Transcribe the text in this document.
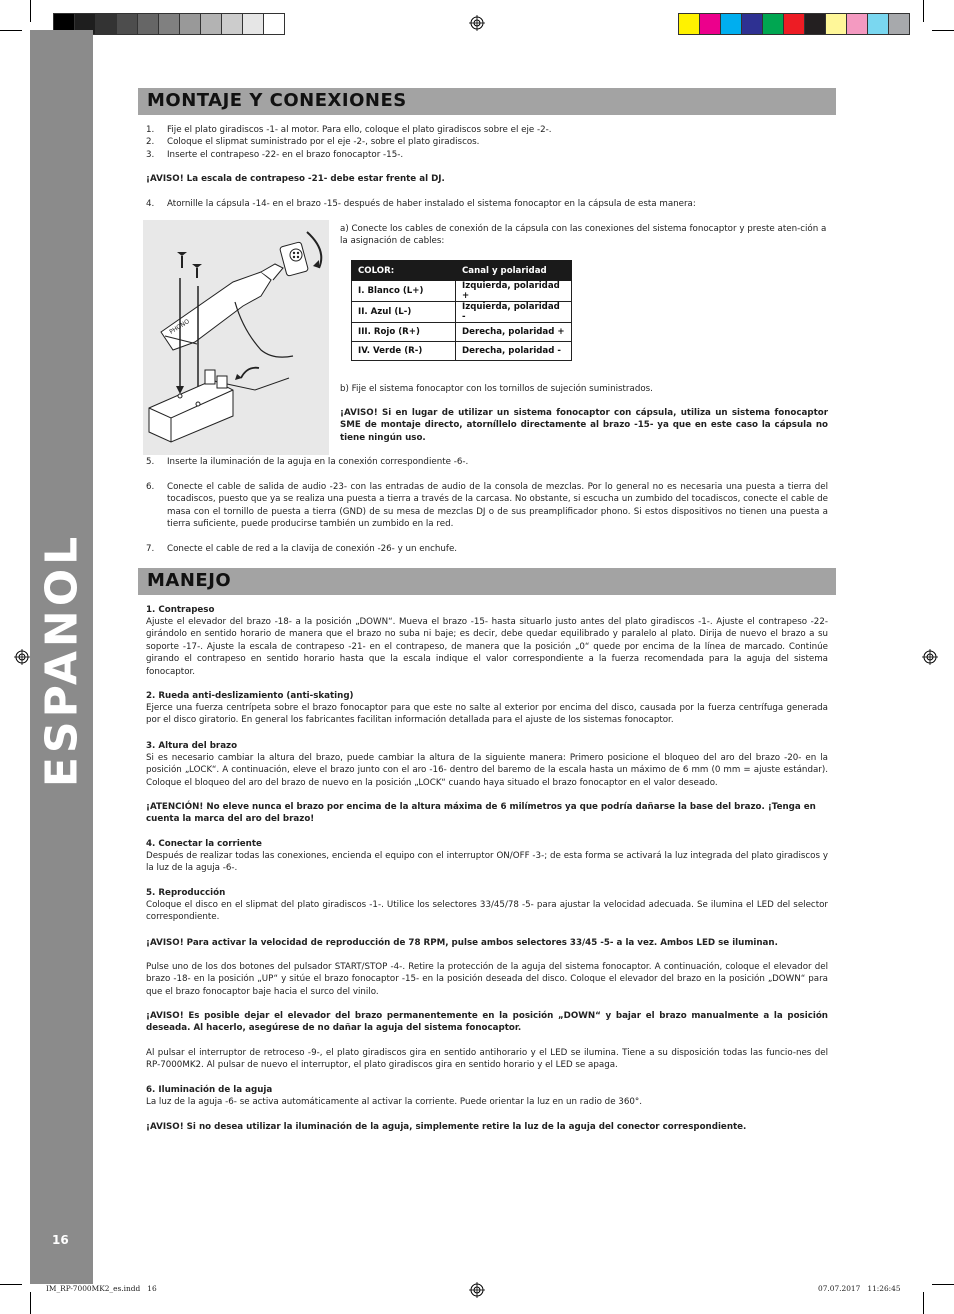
ESPANOL
16
MONTAJE Y CONEXIONES
1. Fije el plato giradiscos -1- al motor. Para ello, coloque el plato giradiscos sobre el eje -2-.
2. Coloque el slipmat suministrado por el eje -2-, sobre el plato giradiscos.
3. Inserte el contrapeso -22- en el brazo fonocaptor -15-.
¡AVISO! La escala de contrapeso -21- debe estar frente al DJ.
4. Atornille la cápsula -14- en el brazo -15- después de haber instalado el sistema fonocaptor en la cápsula de esta manera:
PHONO
a) Conecte los cables de conexión de la cápsula con las conexiones del sistema fonocaptor y preste aten-ción a la asignación de cables:
COLOR:	Canal y polaridad
I. Blanco (L+)	Izquierda, polaridad +
II. Azul (L-)	Izquierda, polaridad -
III. Rojo (R+)	Derecha, polaridad +
IV. Verde (R-)	Derecha, polaridad -
b) Fije el sistema fonocaptor con los tornillos de sujeción suministrados.
¡AVISO! Si en lugar de utilizar un sistema fonocaptor con cápsula, utiliza un sistema fonocaptor SME de montaje directo, atorníllelo directamente al brazo -15- ya que en este caso la cápsula no tiene ningún uso.
5. Inserte la iluminación de la aguja en la conexión correspondiente -6-.
6. Conecte el cable de salida de audio -23- con las entradas de audio de la consola de mezclas. Por lo general no es necesaria una puesta a tierra del tocadiscos, puesto que ya se realiza una puesta a tierra a través de la carcasa. No obstante, si escucha un zumbido del tocadiscos, conecte el cable de masa con el tornillo de puesta a tierra (GND) de su mesa de mezclas DJ o de sus preamplificador phono. Si estos dispositivos no tienen una puesta a tierra suficiente, puede producirse también un zumbido en la red.
7. Conecte el cable de red a la clavija de conexión -26- y un enchufe.
MANEJO
1. Contrapeso
Ajuste el elevador del brazo -18- a la posición „DOWN“. Mueva el brazo -15- hasta situarlo justo antes del plato giradiscos -1-. Ajuste el contrapeso -22- girándolo en sentido horario de manera que el brazo no suba ni baje; es decir, debe quedar equilibrado y paralelo al plato. Dirija de nuevo el brazo a su soporte -17-. Ajuste la escala de contrapeso -21- en el contrapeso, de manera que la posición „0“ quede por encima de la línea de marcado. Continúe girando el contrapeso en sentido horario hasta que la escala indique el valor correspondiente a la fuerza recomendada para la aguja del sistema fonocaptor.
2. Rueda anti-deslizamiento (anti-skating)
Ejerce una fuerza centrípeta sobre el brazo fonocaptor para que este no salte al exterior por encima del disco, causada por la fuerza centrífuga generada por el disco giratorio. En general los fabricantes facilitan información detallada para el ajuste de los sistemas fonocaptor.
3. Altura del brazo
Si es necesario cambiar la altura del brazo, puede cambiar la altura de la siguiente manera: Primero posicione el bloqueo del aro del brazo -20- en la posición „LOCK“. A continuación, eleve el brazo junto con el aro -16- dentro del baremo de la escala hasta un máximo de 6 mm (0 mm = ajuste estándar). Coloque el bloqueo del aro del brazo de nuevo en la posición „LOCK“ cuando haya situado el brazo fonocaptor en el valor deseado.
¡ATENCIÓN! No eleve nunca el brazo por encima de la altura máxima de 6 milímetros ya que podría dañarse la base del brazo. ¡Tenga en cuenta la marca del aro del brazo!
4. Conectar la corriente
Después de realizar todas las conexiones, encienda el equipo con el interruptor ON/OFF -3-; de esta forma se activará la luz integrada del plato giradiscos y la luz de la aguja -6-.
5. Reproducción
Coloque el disco en el slipmat del plato giradiscos -1-. Utilice los selectores 33/45/78 -5- para ajustar la velocidad adecuada. Se ilumina el LED del selector correspondiente.
¡AVISO! Para activar la velocidad de reproducción de 78 RPM, pulse ambos selectores 33/45 -5- a la vez. Ambos LED se iluminan.
Pulse uno de los dos botones del pulsador START/STOP -4-. Retire la protección de la aguja del sistema fonocaptor. A continuación, coloque el elevador del brazo -18- en la posición „UP“ y sitúe el brazo fonocaptor -15- en la posición deseada del disco. Coloque el elevador del brazo en la posición „DOWN“ para que el brazo fonocaptor baje hacia el surco del vinilo.
¡AVISO! Es posible dejar el elevador del brazo permanentemente en la posición „DOWN“ y bajar el brazo manualmente a la posición deseada. Al hacerlo, asegúrese de no dañar la aguja del sistema fonocaptor.
Al pulsar el interruptor de retroceso -9-, el plato giradiscos gira en sentido antihorario y el LED se ilumina. Tiene a su disposición todas las funcio-nes del RP-7000MK2. Al pulsar de nuevo el interruptor, el plato giradiscos gira en sentido horario y el LED se apaga.
6. Iluminación de la aguja
La luz de la aguja -6- se activa automáticamente al activar la corriente. Puede orientar la luz en un radio de 360°.
¡AVISO! Si no desea utilizar la iluminación de la aguja, simplemente retire la luz de la aguja del conector correspondiente.
IM_RP-7000MK2_es.indd   16	07.07.2017   11:26:45
